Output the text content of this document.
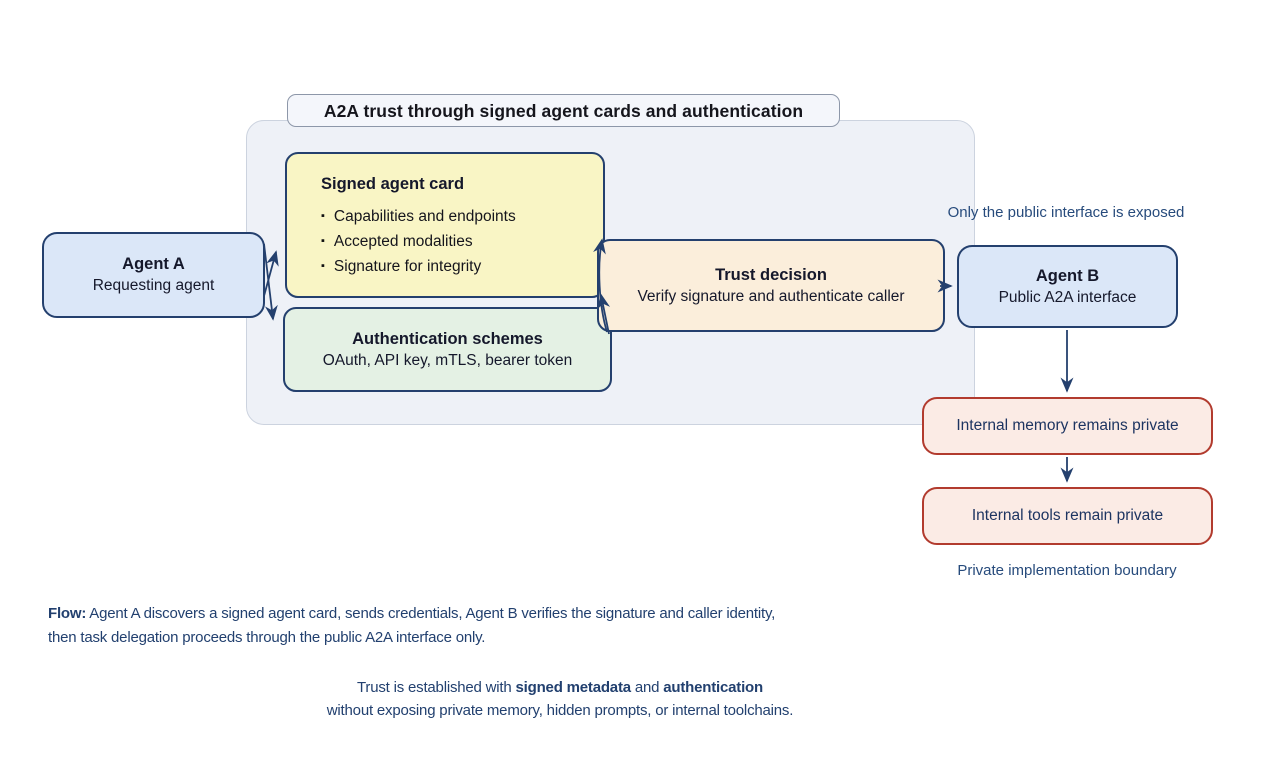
A2A trust through signed agent cards and authentication
Agent A
Requesting agent
Signed agent card
▪ Capabilities and endpoints
▪ Accepted modalities
▪ Signature for integrity
Authentication schemes
OAuth, API key, mTLS, bearer token
Trust decision
Verify signature and authenticate caller
Agent B
Public A2A interface
Only the public interface is exposed
Internal memory remains private
Internal tools remain private
Private implementation boundary
Flow: Agent A discovers a signed agent card, sends credentials, Agent B verifies the signature and caller identity,
then task delegation proceeds through the public A2A interface only.
Trust is established with signed metadata and authentication
without exposing private memory, hidden prompts, or internal toolchains.
